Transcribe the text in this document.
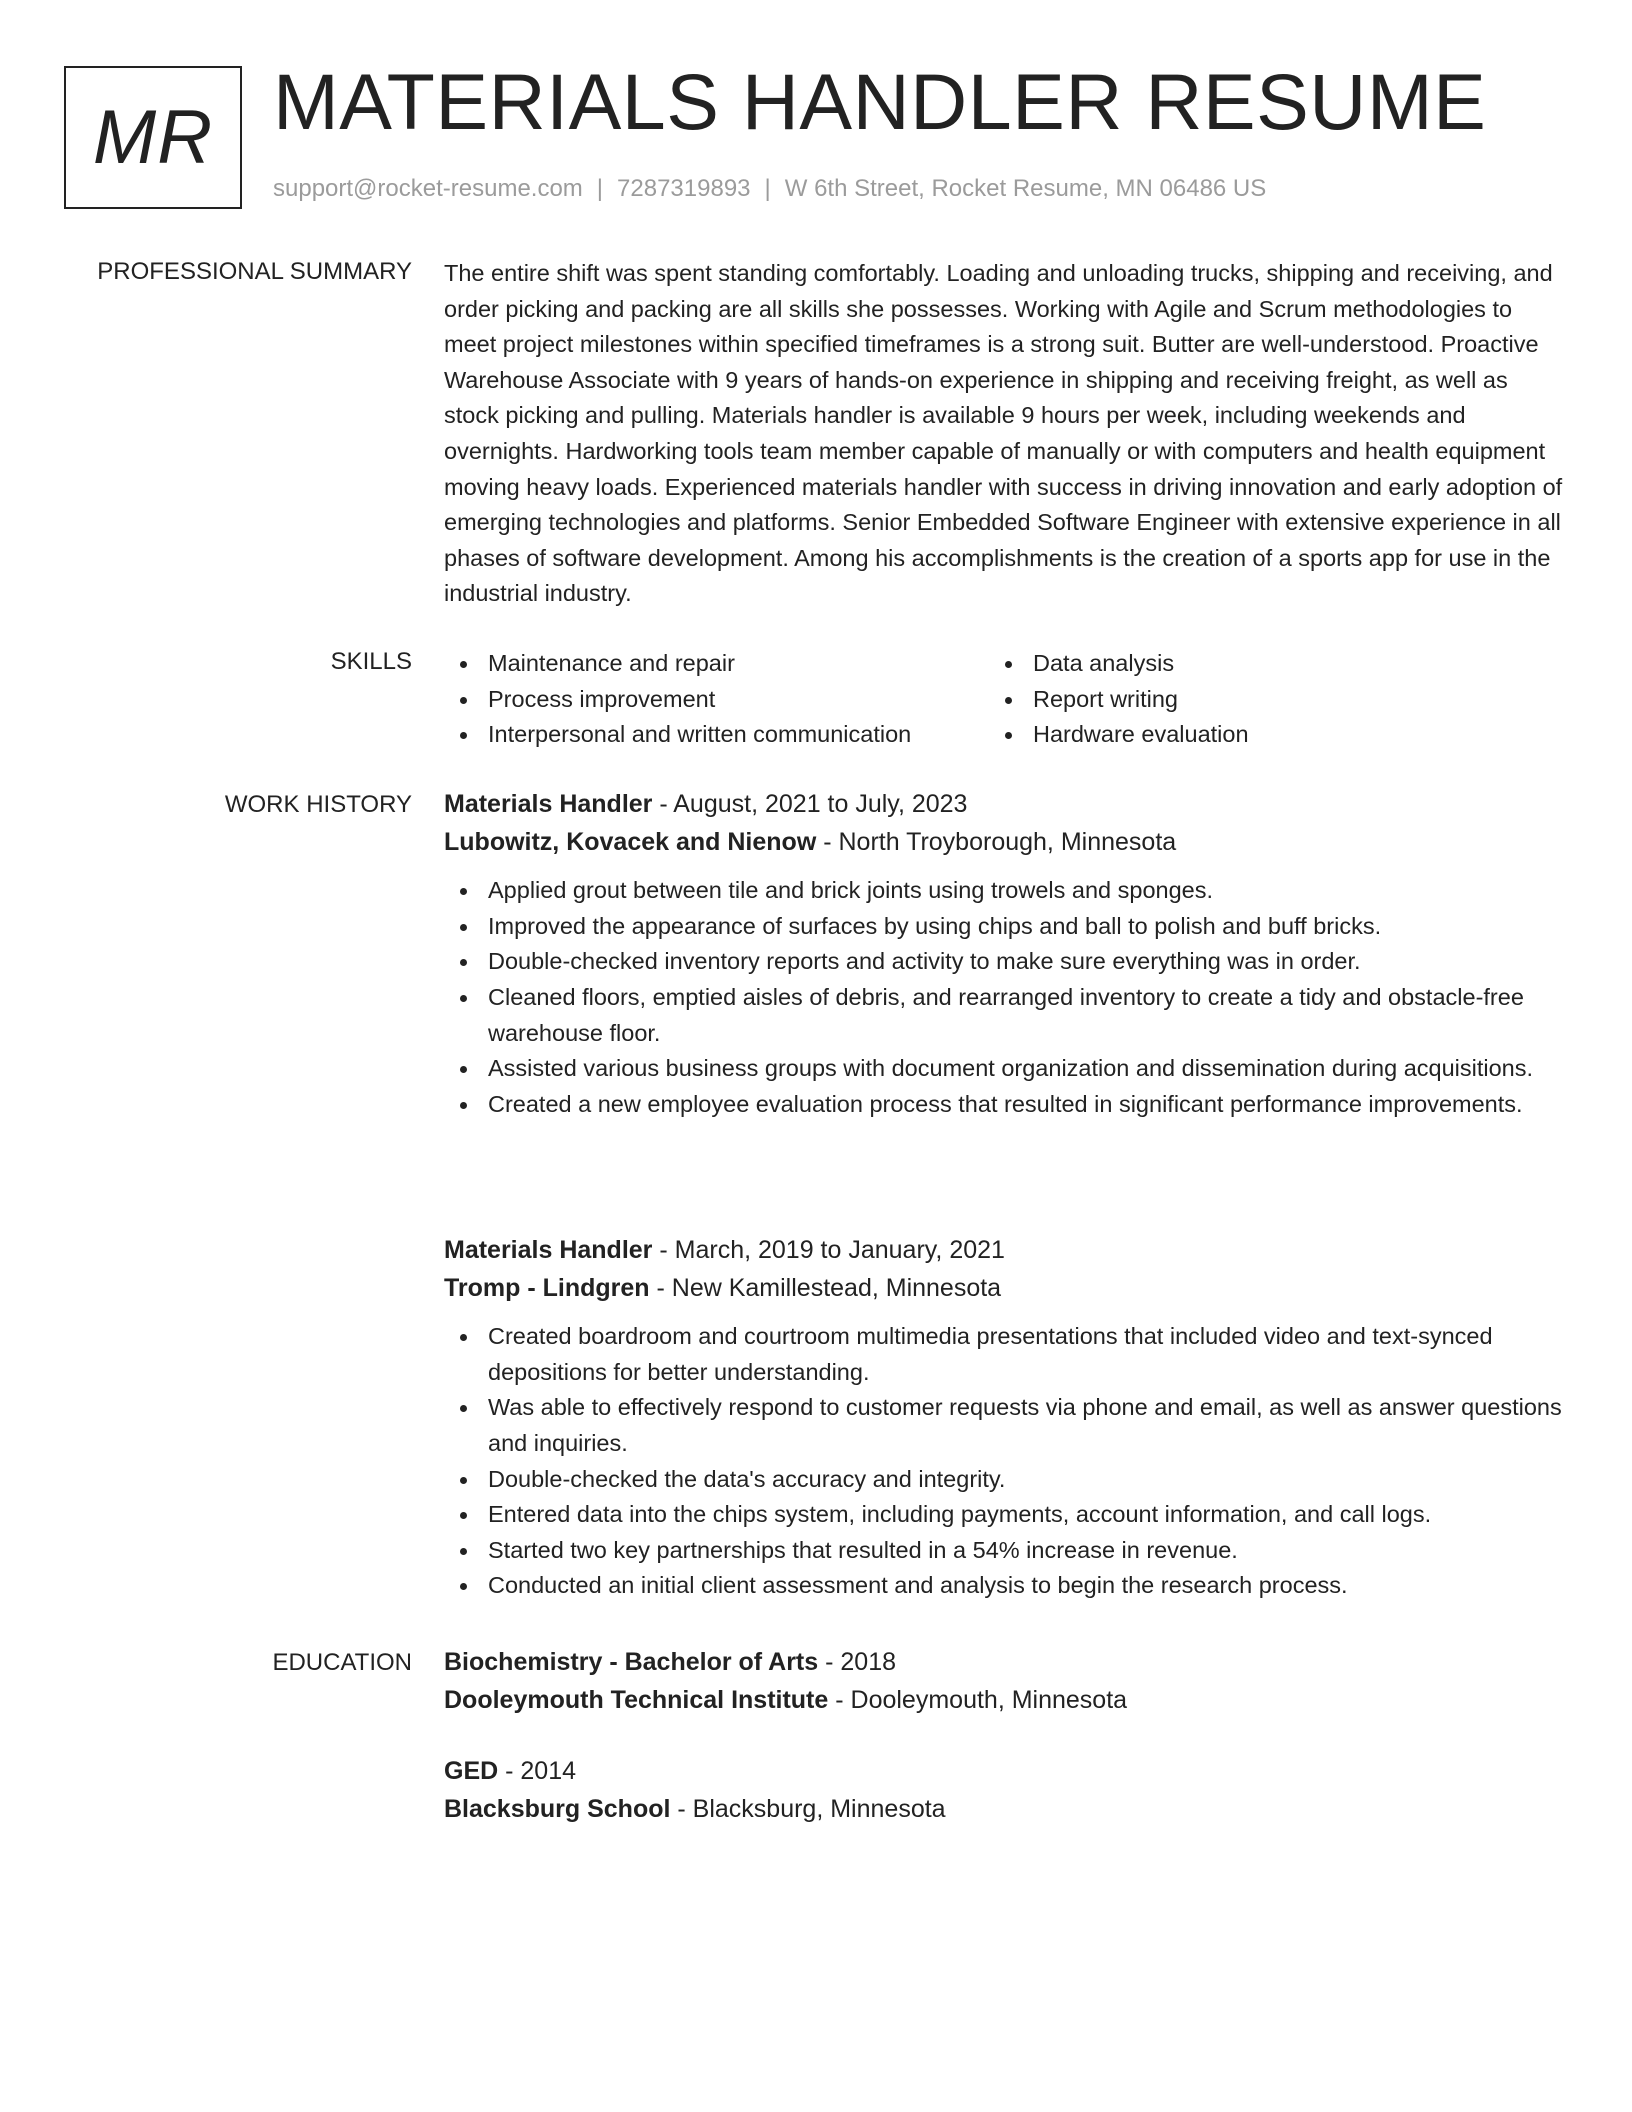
MR MATERIALS HANDLER RESUME
support@rocket-resume.com | 7287319893 | W 6th Street, Rocket Resume, MN 06486 US
PROFESSIONAL SUMMARY The entire shift was spent standing comfortably. Loading and unloading trucks, shipping and receiving, and order picking and packing are all skills she possesses. Working with Agile and Scrum methodologies to meet project milestones within specified timeframes is a strong suit. Butter are well-understood. Proactive Warehouse Associate with 9 years of hands-on experience in shipping and receiving freight, as well as stock picking and pulling. Materials handler is available 9 hours per week, including weekends and overnights. Hardworking tools team member capable of manually or with computers and health equipment moving heavy loads. Experienced materials handler with success in driving innovation and early adoption of emerging technologies and platforms. Senior Embedded Software Engineer with extensive experience in all phases of software development. Among his accomplishments is the creation of a sports app for use in the industrial industry.

SKILLS	Maintenance and repair
Process improvement
Interpersonal and written communication
Data analysis
Report writing
Hardware evaluation
WORK HISTORY Materials Handler - August, 2021 to July, 2023
Lubowitz, Kovacek and Nienow - North Troyborough, Minnesota
Applied grout between tile and brick joints using trowels and sponges.
Improved the appearance of surfaces by using chips and ball to polish and buff bricks.
Double-checked inventory reports and activity to make sure everything was in order.
Cleaned floors, emptied aisles of debris, and rearranged inventory to create a tidy and obstacle-free warehouse floor.
Assisted various business groups with document organization and dissemination during acquisitions.
Created a new employee evaluation process that resulted in significant performance improvements.
Materials Handler - March, 2019 to January, 2021
Tromp - Lindgren - New Kamillestead, Minnesota
Created boardroom and courtroom multimedia presentations that included video and text-synced depositions for better understanding.
Was able to effectively respond to customer requests via phone and email, as well as answer questions and inquiries.
Double-checked the data's accuracy and integrity.
Entered data into the chips system, including payments, account information, and call logs.
Started two key partnerships that resulted in a 54% increase in revenue.
Conducted an initial client assessment and analysis to begin the research process.
EDUCATION Biochemistry - Bachelor of Arts - 2018
Dooleymouth Technical Institute - Dooleymouth, Minnesota
GED - 2014
Blacksburg School - Blacksburg, Minnesota
